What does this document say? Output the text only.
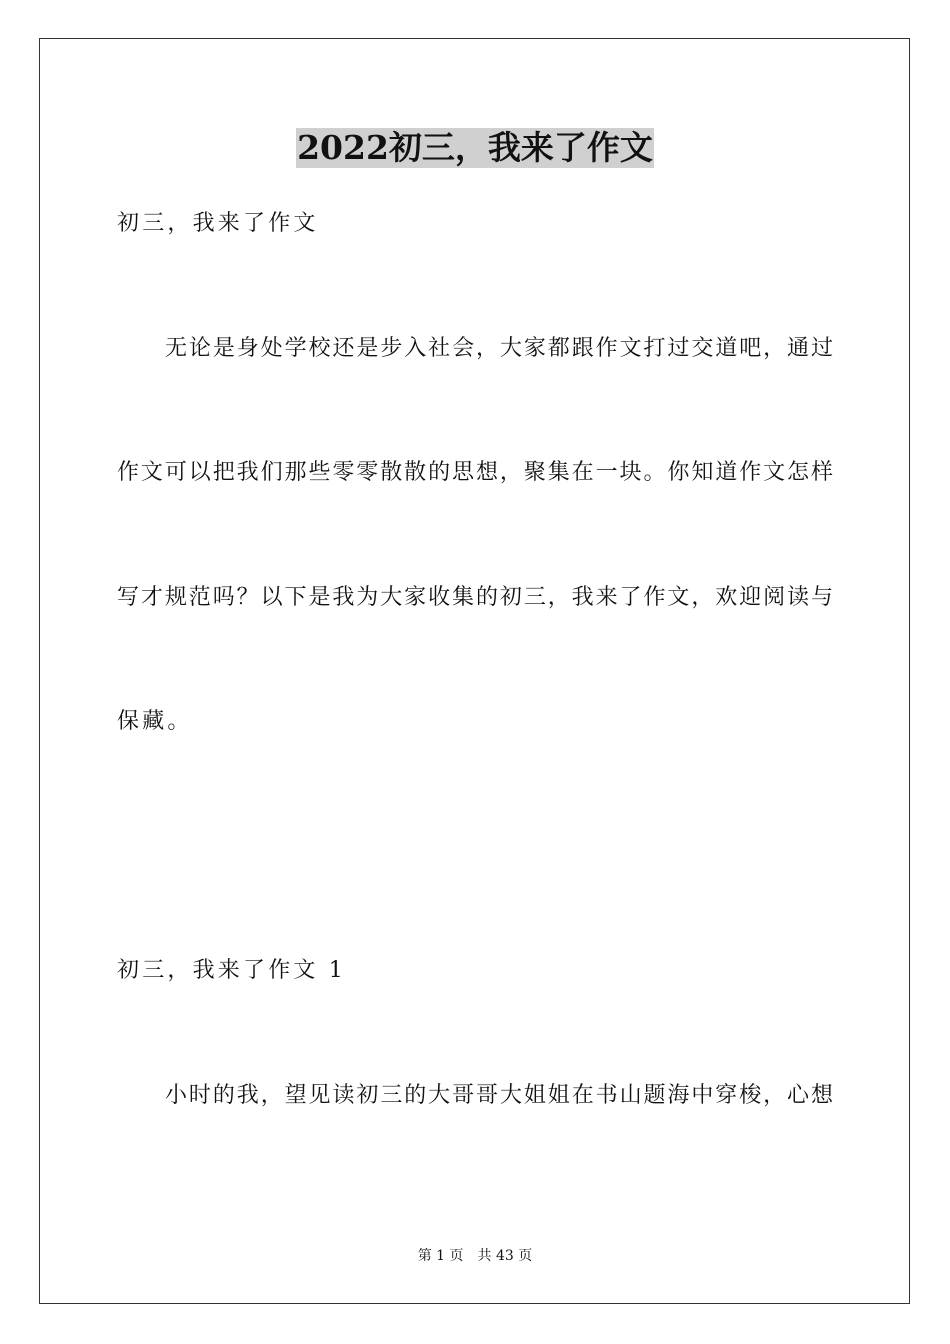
2022初三，我来了作文
初三，我来了作文
无论是身处学校还是步入社会，大家都跟作文打过交道吧，通过
作文可以把我们那些零零散散的思想，聚集在一块。你知道作文怎样
写才规范吗？以下是我为大家收集的初三，我来了作文，欢迎阅读与
保藏。
初三，我来了作文 1
小时的我，望见读初三的大哥哥大姐姐在书山题海中穿梭，心想
第 1 页 共 43 页
